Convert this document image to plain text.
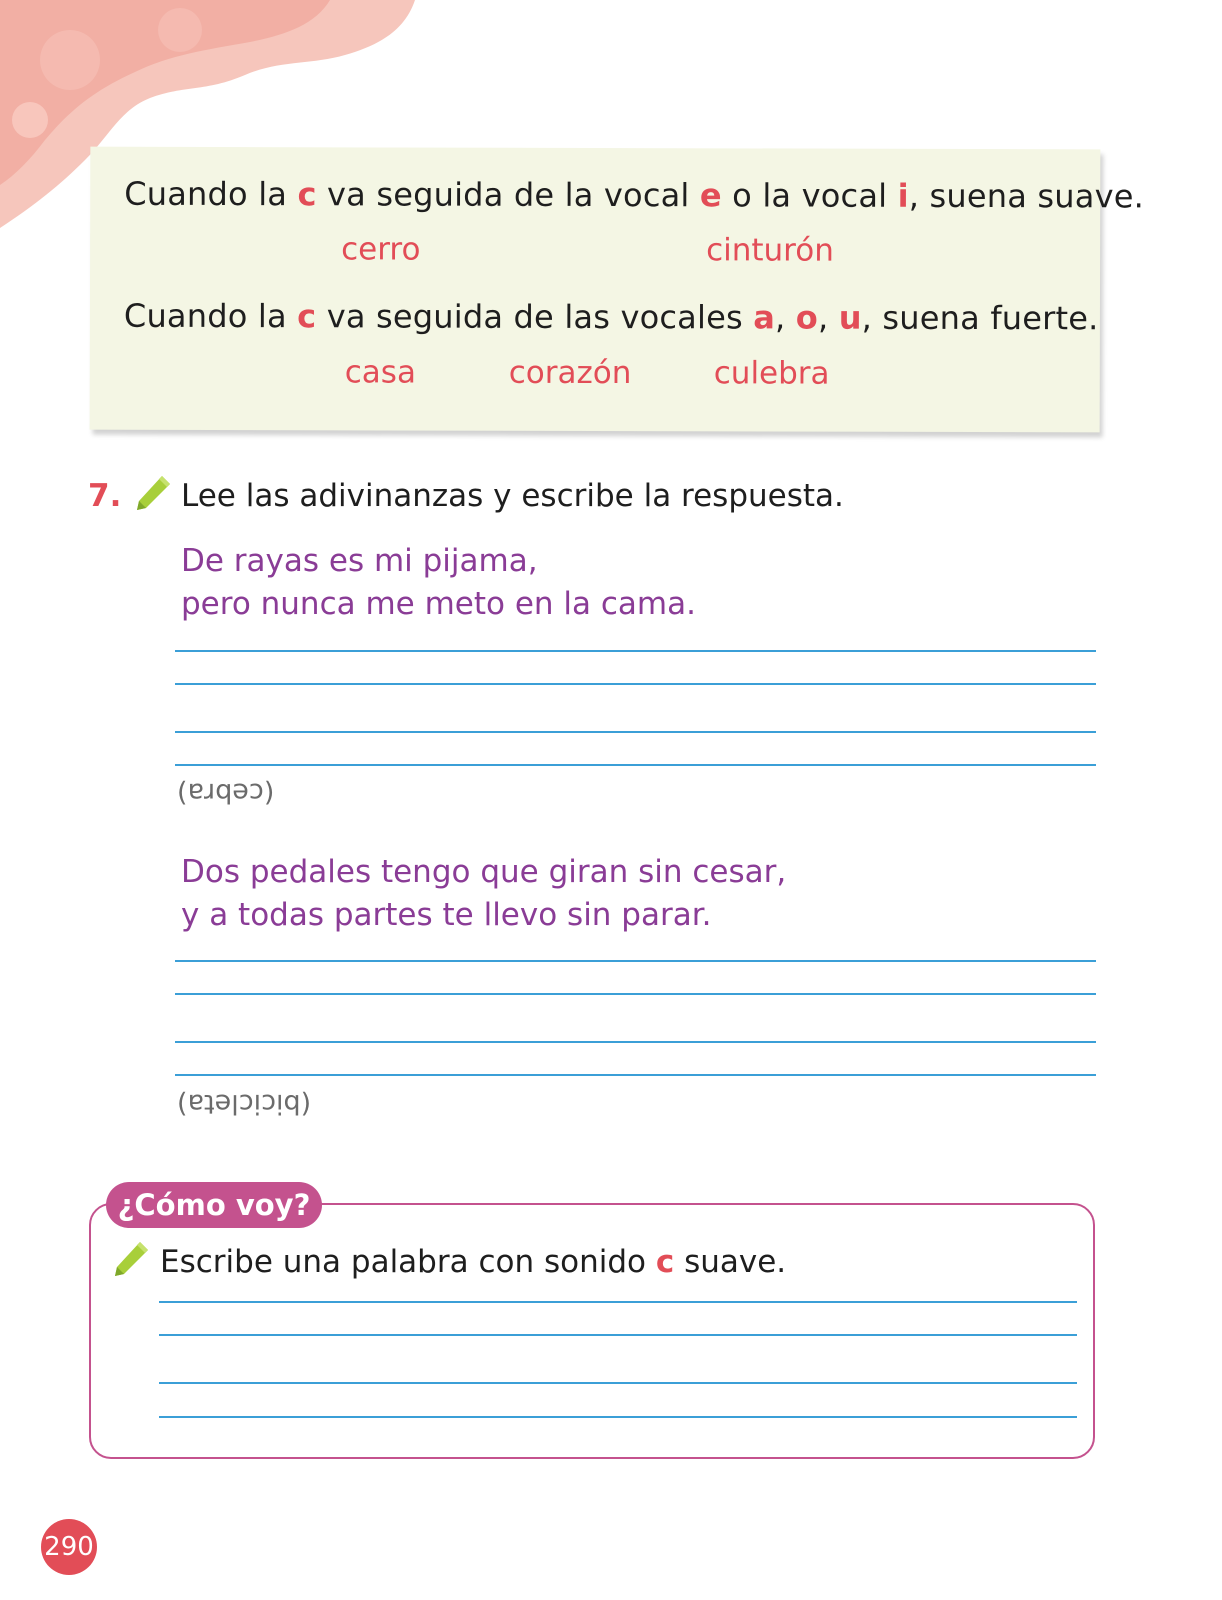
Cuando la c va seguida de la vocal e o la vocal i, suena suave.
cerro	cinturón
Cuando la c va seguida de las vocales a, o, u, suena fuerte.
casa	corazón	culebra
7. Lee las adivinanzas y escribe la respuesta.
De rayas es mi pijama,
pero nunca me meto en la cama.
(cebra)
Dos pedales tengo que giran sin cesar,
y a todas partes te llevo sin parar.
(bicicleta)
¿Cómo voy?
Escribe una palabra con sonido c suave.
290
